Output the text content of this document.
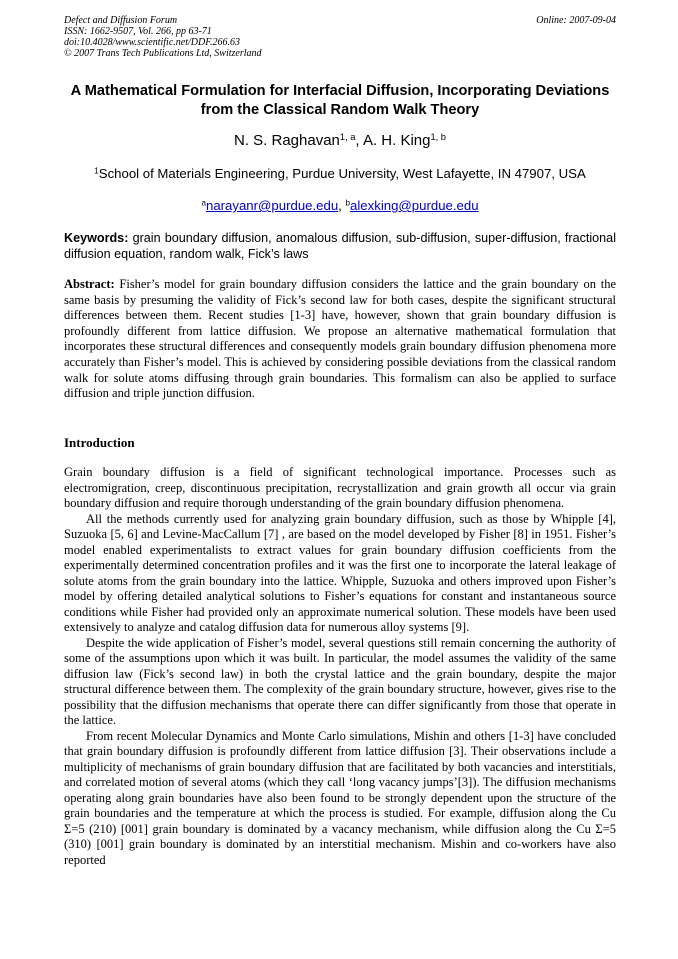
Defect and Diffusion Forum
ISSN: 1662-9507, Vol. 266, pp 63-71
doi:10.4028/www.scientific.net/DDF.266.63
© 2007 Trans Tech Publications Ltd, Switzerland
Online: 2007-09-04
A Mathematical Formulation for Interfacial Diffusion, Incorporating Deviations from the Classical Random Walk Theory
N. S. Raghavan$^{1, a}$, A. H. King$^{1, b}$
$^1$School of Materials Engineering, Purdue University, West Lafayette, IN 47907, USA
$^a$narayanr@purdue.edu, $^b$alexking@purdue.edu
Keywords: grain boundary diffusion, anomalous diffusion, sub-diffusion, super-diffusion, fractional diffusion equation, random walk, Fick’s laws
Abstract: Fisher’s model for grain boundary diffusion considers the lattice and the grain boundary on the same basis by presuming the validity of Fick’s second law for both cases, despite the significant structural differences between them. Recent studies [1-3] have, however, shown that grain boundary diffusion is profoundly different from lattice diffusion. We propose an alternative mathematical formulation that incorporates these structural differences and consequently models grain boundary diffusion phenomena more accurately than Fisher’s model. This is achieved by considering possible deviations from the classical random walk for solute atoms diffusing through grain boundaries. This formalism can also be applied to surface diffusion and triple junction diffusion.
Introduction

Grain boundary diffusion is a field of significant technological importance. Processes such as electromigration, creep, discontinuous precipitation, recrystallization and grain growth all occur via grain boundary diffusion and require thorough understanding of the grain boundary diffusion phenomena.

All the methods currently used for analyzing grain boundary diffusion, such as those by Whipple [4], Suzuoka [5, 6] and Levine-MacCallum [7] , are based on the model developed by Fisher [8] in 1951. Fisher’s model enabled experimentalists to extract values for grain boundary diffusion coefficients from the experimentally determined concentration profiles and it was the first one to incorporate the lateral leakage of solute atoms from the grain boundary into the lattice. Whipple, Suzuoka and others improved upon Fisher’s model by offering detailed analytical solutions to Fisher’s equations for constant and instantaneous source conditions while Fisher had provided only an approximate numerical solution. These models have been used extensively to analyze and catalog diffusion data for numerous alloy systems [9].

Despite the wide application of Fisher’s model, several questions still remain concerning the authority of some of the assumptions upon which it was built. In particular, the model assumes the validity of the same diffusion law (Fick’s second law) in both the crystal lattice and the grain boundary, despite the major structural difference between them. The complexity of the grain boundary structure, however, gives rise to the possibility that the diffusion mechanisms that operate there can differ significantly from those that operate in the lattice.

From recent Molecular Dynamics and Monte Carlo simulations, Mishin and others [1-3] have concluded that grain boundary diffusion is profoundly different from lattice diffusion [3]. Their observations include a multiplicity of mechanisms of grain boundary diffusion that are facilitated by both vacancies and interstitials, and correlated motion of several atoms (which they call ‘long vacancy jumps’[3]). The diffusion mechanisms operating along grain boundaries have also been found to be strongly dependent upon the structure of the grain boundaries and the temperature at which the process is studied. For example, diffusion along the Cu Σ=5 (210) [001] grain boundary is dominated by a vacancy mechanism, while diffusion along the Cu Σ=5 (310) [001] grain boundary is dominated by an interstitial mechanism. Mishin and co-workers have also reported
